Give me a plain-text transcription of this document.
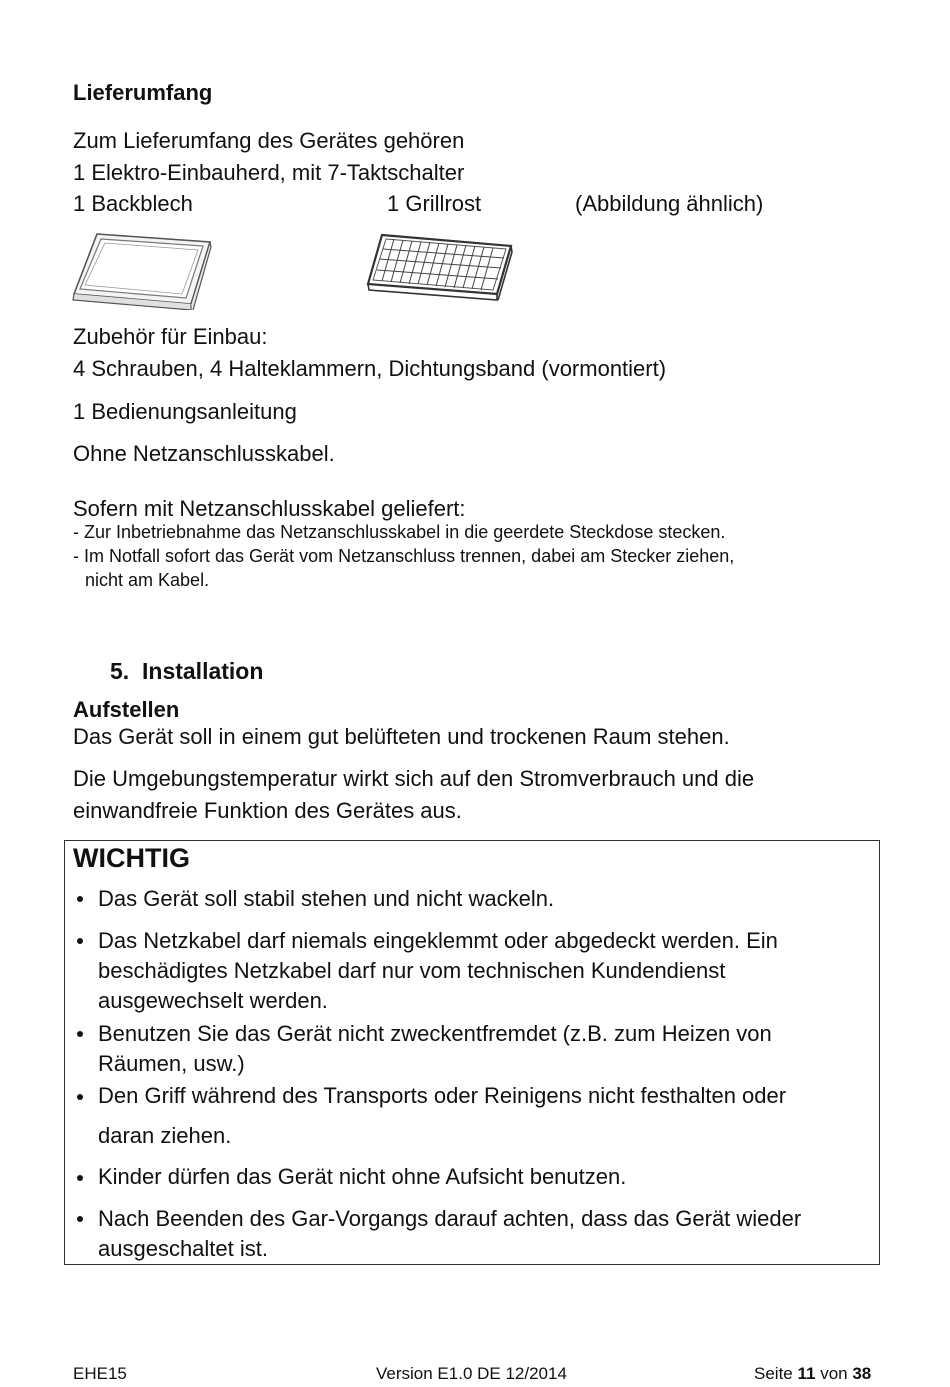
Lieferumfang
Zum Lieferumfang des Gerätes gehören
1 Elektro-Einbauherd, mit 7-Taktschalter
1 Backblech	1 Grillrost	(Abbildung ähnlich)
Zubehör für Einbau:
4 Schrauben, 4 Halteklammern, Dichtungsband (vormontiert)
1 Bedienungsanleitung
Ohne Netzanschlusskabel.
Sofern mit Netzanschlusskabel geliefert:
- Zur Inbetriebnahme das Netzanschlusskabel in die geerdete Steckdose stecken.
- Im Notfall sofort das Gerät vom Netzanschluss trennen, dabei am Stecker ziehen,
nicht am Kabel.
5. Installation
Aufstellen
Das Gerät soll in einem gut belüfteten und trockenen Raum stehen.
Die Umgebungstemperatur wirkt sich auf den Stromverbrauch und die
einwandfreie Funktion des Gerätes aus.
WICHTIG
Das Gerät soll stabil stehen und nicht wackeln.
Das Netzkabel darf niemals eingeklemmt oder abgedeckt werden. Ein
beschädigtes Netzkabel darf nur vom technischen Kundendienst
ausgewechselt werden.
Benutzen Sie das Gerät nicht zweckentfremdet (z.B. zum Heizen von
Räumen, usw.)
Den Griff während des Transports oder Reinigens nicht festhalten oder
daran ziehen.
Kinder dürfen das Gerät nicht ohne Aufsicht benutzen.
Nach Beenden des Gar-Vorgangs darauf achten, dass das Gerät wieder
ausgeschaltet ist.
EHE15	Version E1.0 DE 12/2014	Seite 11 von 38
